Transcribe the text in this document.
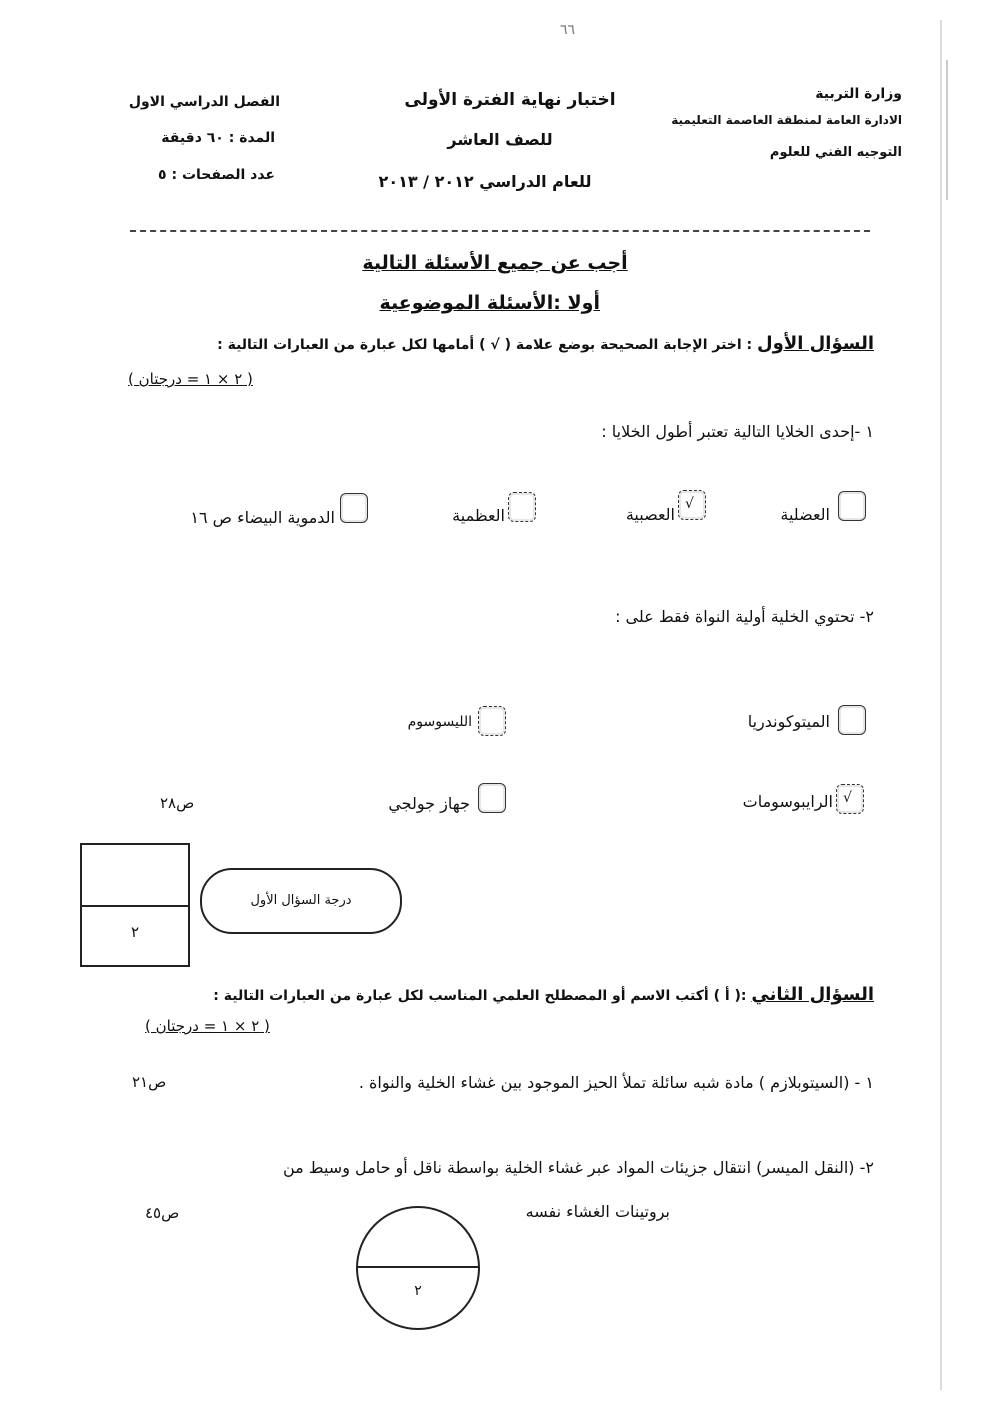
٦٦
وزارة التربية
الادارة العامة لمنطقة العاصمة التعليمية
التوجيه الفني للعلوم
اختبار نهاية الفترة الأولى
للصف العاشر
للعام الدراسي ٢٠١٢ / ٢٠١٣
الفصل الدراسي الاول
المدة : ٦٠ دقيقة
عدد الصفحات : ٥
أجب عن جميع الأسئلة التالية
أولا :الأسئلة الموضوعية
السؤال الأول : اختر الإجابة الصحيحة بوضع علامة ( √ ) أمامها لكل عبارة من العبارات التالية :
( ٢ × ١ = درجتان )
١ -إحدى الخلايا التالية تعتبر أطول الخلايا :
العضلية
√
العصبية
العظمية
الدموية البيضاء ص ١٦
٢- تحتوي الخلية أولية النواة فقط على :
الميتوكوندريا
الليسوسوم
√
الرايبوسومات
جهاز جولجي
ص٢٨
٢
درجة السؤال الأول
السؤال الثاني :( أ ) أكتب الاسم أو المصطلح العلمي المناسب لكل عبارة من العبارات التالية :
( ٢ × ١ = درجتان )
١ - (السيتوبلازم ) مادة شبه سائلة تملأ الحيز الموجود بين غشاء الخلية والنواة .
ص٢١
٢- (النقل الميسر) انتقال جزيئات المواد عبر غشاء الخلية بواسطة ناقل أو حامل وسيط من
بروتينات الغشاء نفسه
ص٤٥
٢
